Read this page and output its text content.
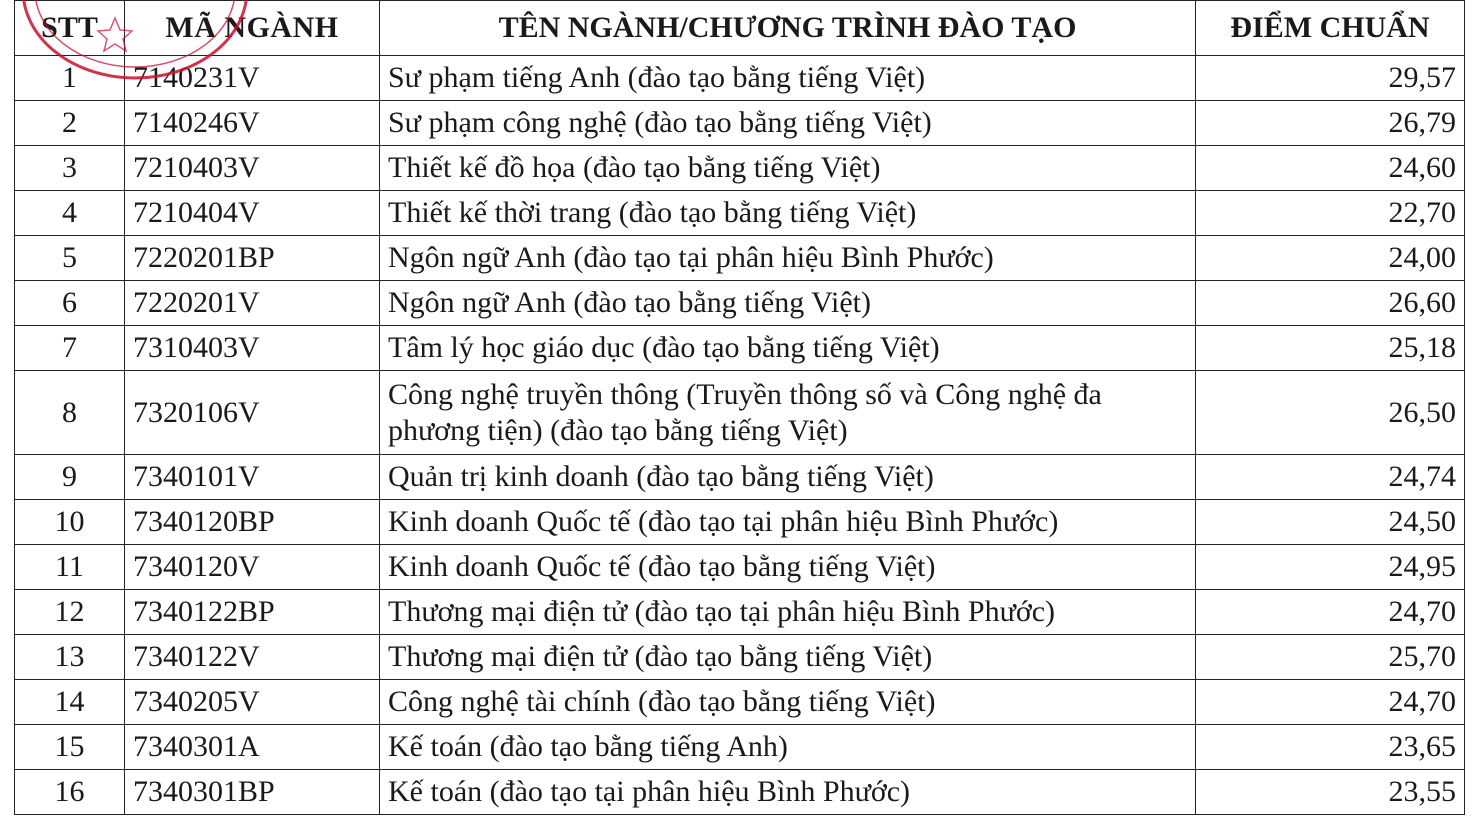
STT	MÃ NGÀNH	TÊN NGÀNH/CHƯƠNG TRÌNH ĐÀO TẠO	ĐIỂM CHUẨN
1	7140231V	Sư phạm tiếng Anh (đào tạo bằng tiếng Việt)	29,57
2	7140246V	Sư phạm công nghệ (đào tạo bằng tiếng Việt)	26,79
3	7210403V	Thiết kế đồ họa (đào tạo bằng tiếng Việt)	24,60
4	7210404V	Thiết kế thời trang (đào tạo bằng tiếng Việt)	22,70
5	7220201BP	Ngôn ngữ Anh (đào tạo tại phân hiệu Bình Phước)	24,00
6	7220201V	Ngôn ngữ Anh (đào tạo bằng tiếng Việt)	26,60
7	7310403V	Tâm lý học giáo dục (đào tạo bằng tiếng Việt)	25,18
8	7320106V	Công nghệ truyền thông (Truyền thông số và Công nghệ đa phương tiện) (đào tạo bằng tiếng Việt)	26,50
9	7340101V	Quản trị kinh doanh (đào tạo bằng tiếng Việt)	24,74
10	7340120BP	Kinh doanh Quốc tế (đào tạo tại phân hiệu Bình Phước)	24,50
11	7340120V	Kinh doanh Quốc tế (đào tạo bằng tiếng Việt)	24,95
12	7340122BP	Thương mại điện tử (đào tạo tại phân hiệu Bình Phước)	24,70
13	7340122V	Thương mại điện tử (đào tạo bằng tiếng Việt)	25,70
14	7340205V	Công nghệ tài chính (đào tạo bằng tiếng Việt)	24,70
15	7340301A	Kế toán (đào tạo bằng tiếng Anh)	23,65
16	7340301BP	Kế toán (đào tạo tại phân hiệu Bình Phước)	23,55
